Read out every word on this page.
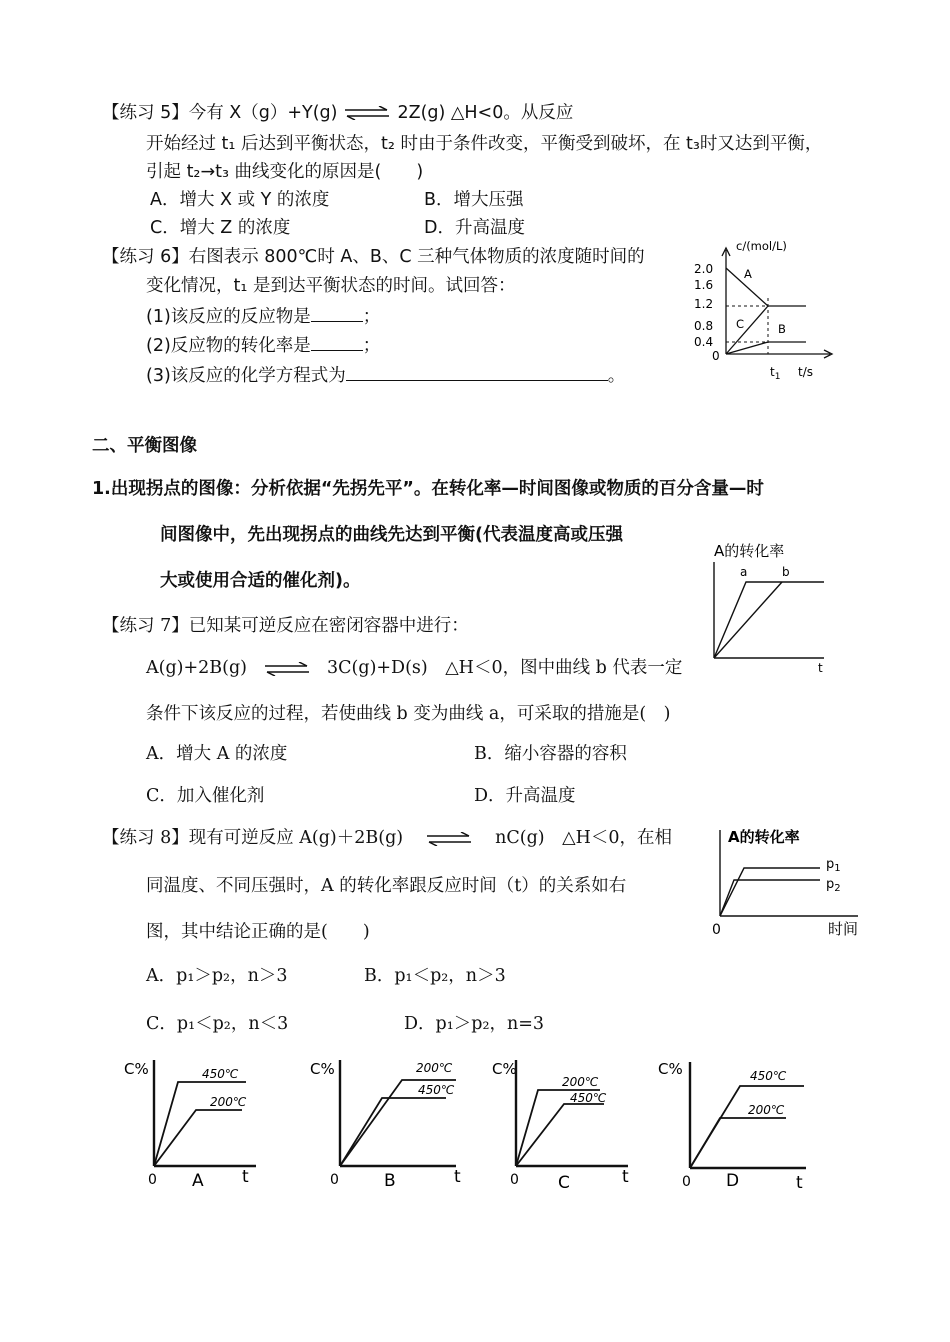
【练习 5】今有 X（g）+Y(g) ⇌ 2Z(g) △H<0。从反应
开始经过 t₁ 后达到平衡状态，t₂ 时由于条件改变，平衡受到破坏，在 t₃时又达到平衡，
引起 t₂→t₃ 曲线变化的原因是(　　)
A．增大 X 或 Y 的浓度	B．增大压强
C．增大 Z 的浓度	D．升高温度
【练习 6】右图表示 800℃时 A、B、C 三种气体物质的浓度随时间的
变化情况，t₁ 是到达平衡状态的时间。试回答：
(1)该反应的反应物是	；
(2)反应物的转化率是	；
(3)该反应的化学方程式为	。
c/(mol/L)
2.0
1.6
1.2
0.8
0.4
0
A
C	B
$t_1$ t/s
二、平衡图像
1.出现拐点的图像：分析依据“先拐先平”。在转化率—时间图像或物质的百分含量—时
间图像中，先出现拐点的曲线先达到平衡(代表温度高或压强
大或使用合适的催化剂)。
A的转化率
a	b
t
【练习 7】已知某可逆反应在密闭容器中进行：
A(g)+2B(g) ⇌ 3C(g)+D(s)　△H＜0，图中曲线 b 代表一定
条件下该反应的过程，若使曲线 b 变为曲线 a，可采取的措施是(　)
A．增大 A 的浓度	B．缩小容器的容积
C．加入催化剂	D．升高温度
【练习 8】现有可逆反应 A(g)＋2B(g) ⇌ nC(g)　△H＜0，在相
同温度、不同压强时，A 的转化率跟反应时间（t）的关系如右
图，其中结论正确的是(　　)
A．p₁＞p₂，n＞3	B．p₁＜p₂，n＞3
C．p₁＜p₂，n＜3	D．p₁＞p₂，n=3
A的转化率
$p_1$
$p_2$
0	时间
C%	450℃
200℃
0 A t
C%	200℃
450℃
0	B	t
C%
200℃
450℃
0 C	t
C%	450℃
200℃
0 D	t
